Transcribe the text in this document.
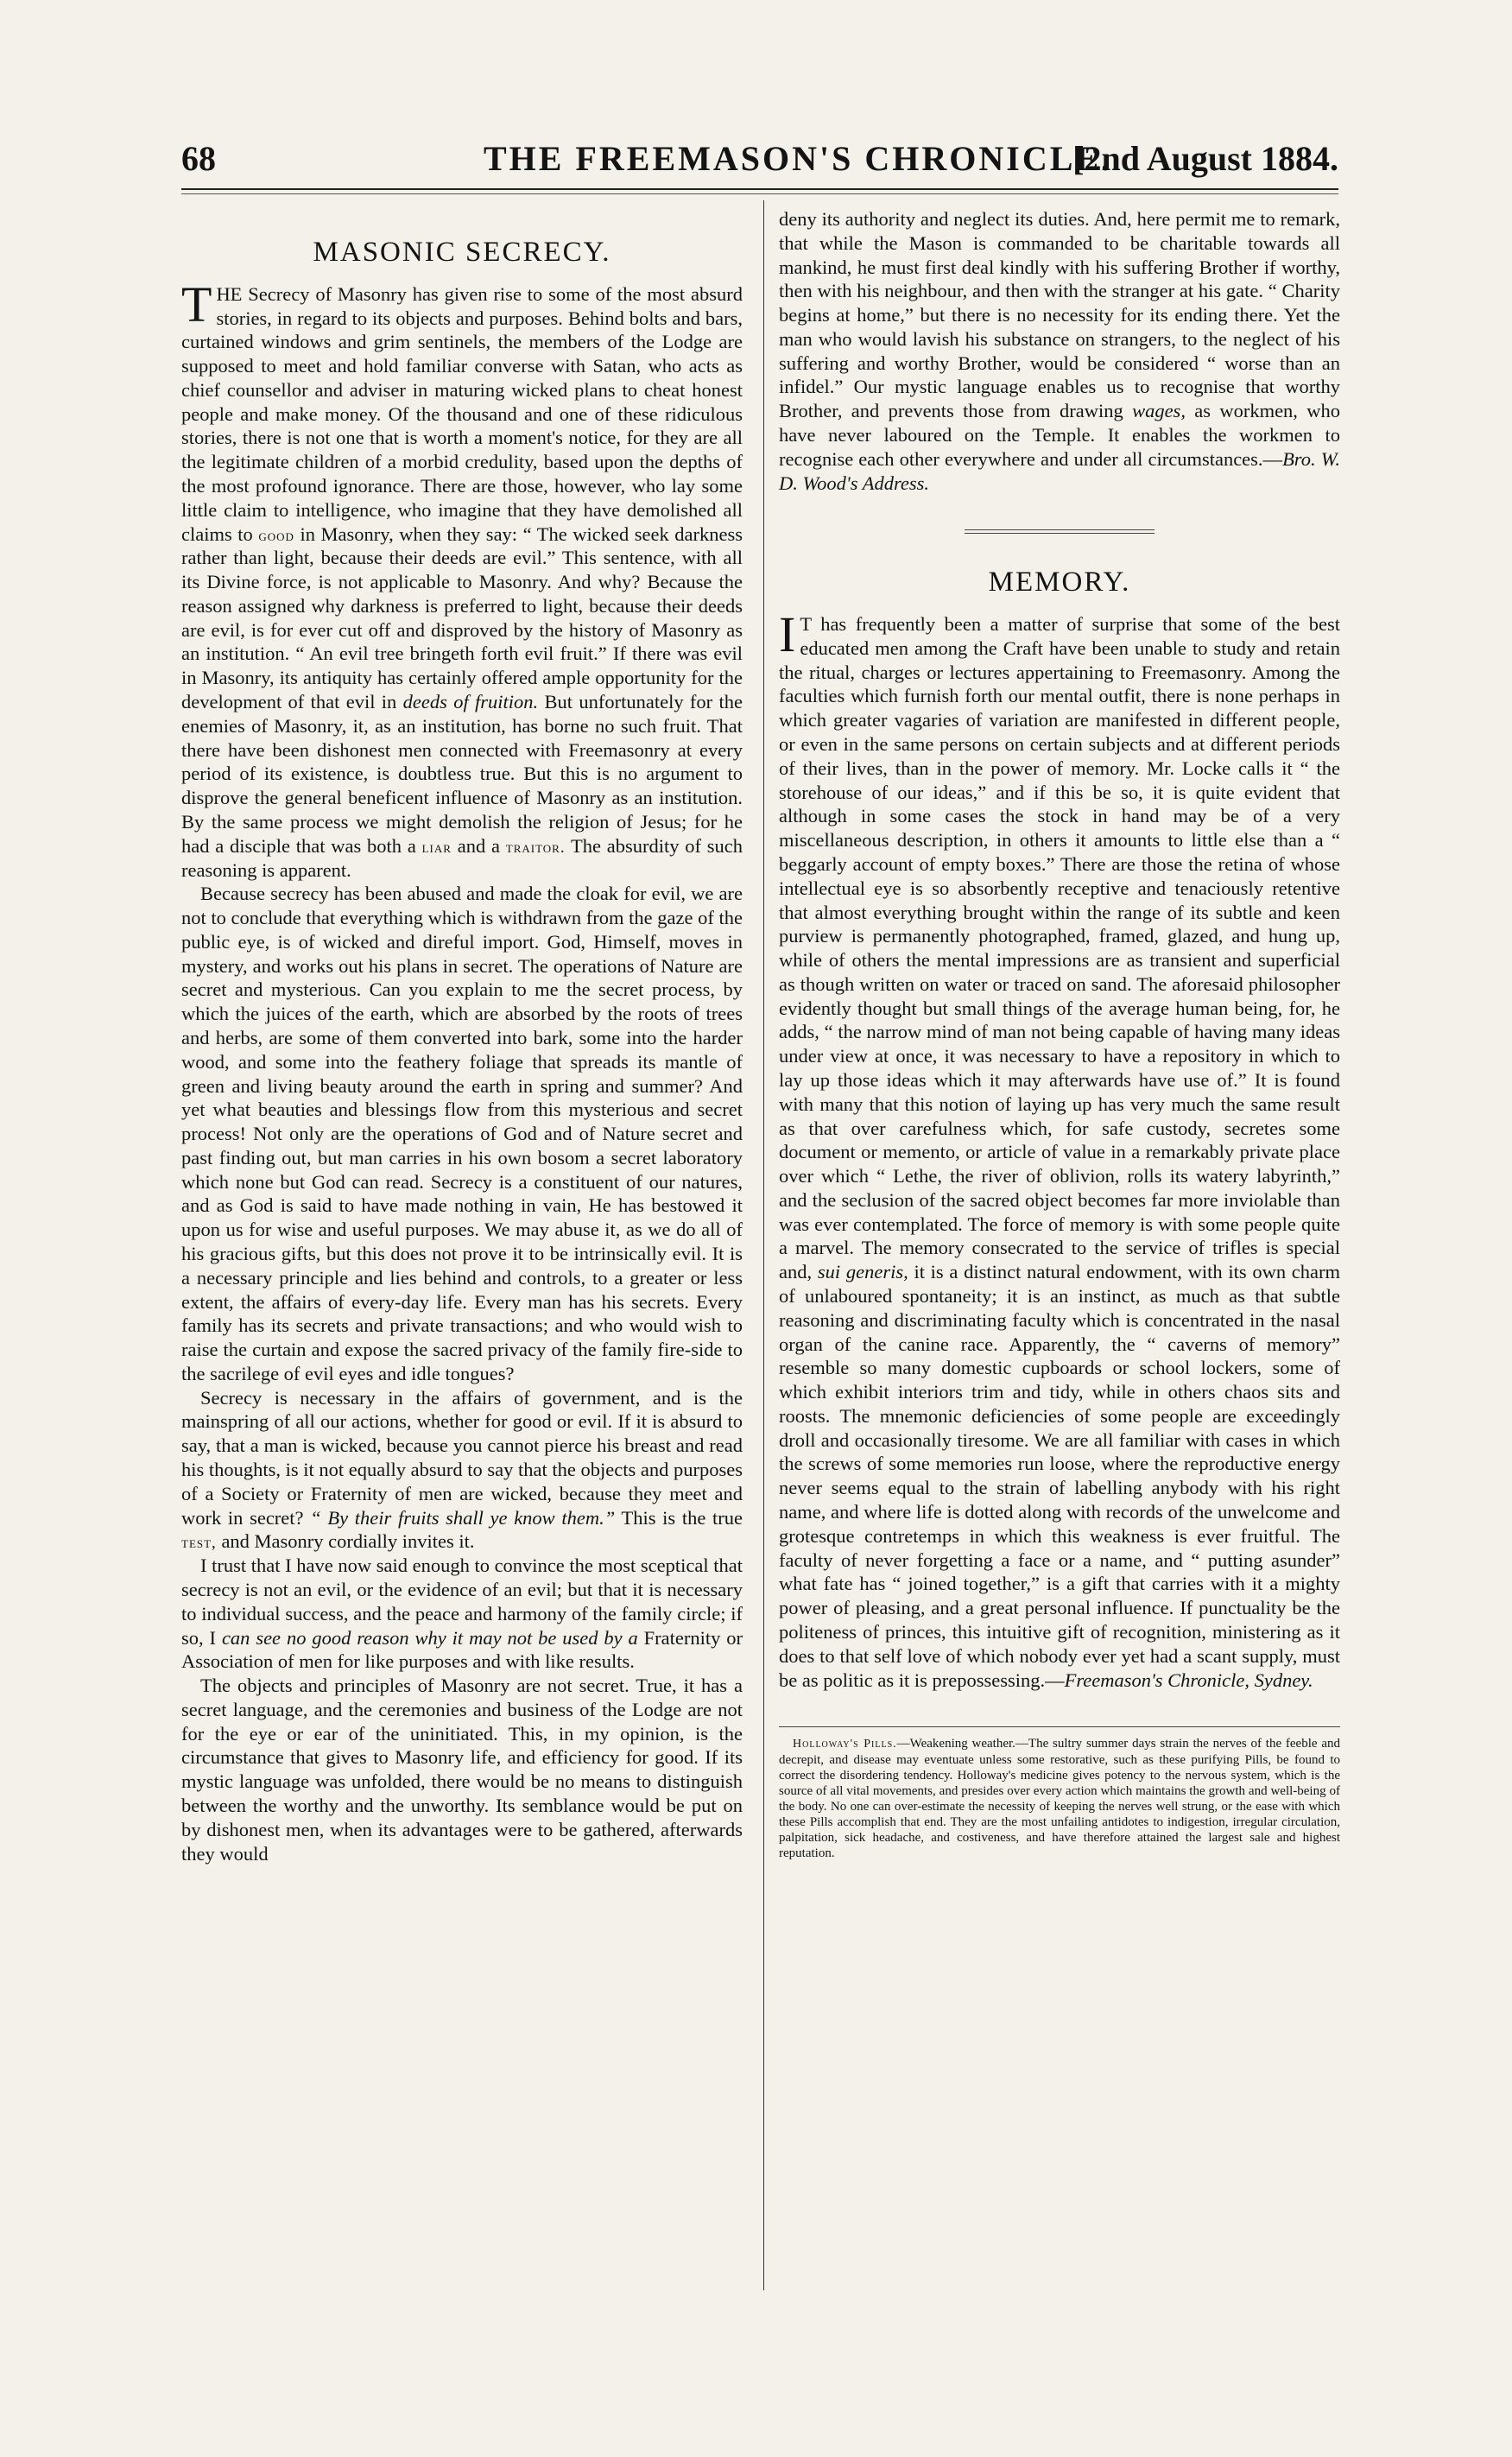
68	THE FREEMASON'S CHRONICLE.
[2nd August 1884.
MASONIC SECRECY.

THE Secrecy of Masonry has given rise to some of the most absurd stories, in regard to its objects and purposes. Behind bolts and bars, curtained windows and grim sentinels, the members of the Lodge are supposed to meet and hold familiar converse with Satan, who acts as chief counsellor and adviser in maturing wicked plans to cheat honest people and make money. Of the thousand and one of these ridiculous stories, there is not one that is worth a moment's notice, for they are all the legitimate children of a morbid credulity, based upon the depths of the most profound ignorance. There are those, however, who lay some little claim to intelligence, who imagine that they have demolished all claims to good in Masonry, when they say: “ The wicked seek darkness rather than light, because their deeds are evil.” This sentence, with all its Divine force, is not applicable to Masonry. And why? Because the reason assigned why darkness is preferred to light, because their deeds are evil, is for ever cut off and disproved by the history of Masonry as an institution. “ An evil tree bringeth forth evil fruit.” If there was evil in Masonry, its antiquity has certainly offered ample opportunity for the development of that evil in deeds of fruition. But unfortunately for the enemies of Masonry, it, as an institution, has borne no such fruit. That there have been dishonest men connected with Freemasonry at every period of its existence, is doubtless true. But this is no argument to disprove the general beneficent influence of Masonry as an institution. By the same process we might demolish the religion of Jesus; for he had a disciple that was both a liar and a traitor. The absurdity of such reasoning is apparent.

Because secrecy has been abused and made the cloak for evil, we are not to conclude that everything which is withdrawn from the gaze of the public eye, is of wicked and direful import. God, Himself, moves in mystery, and works out his plans in secret. The operations of Nature are secret and mysterious. Can you explain to me the secret process, by which the juices of the earth, which are absorbed by the roots of trees and herbs, are some of them converted into bark, some into the harder wood, and some into the feathery foliage that spreads its mantle of green and living beauty around the earth in spring and summer? And yet what beauties and blessings flow from this mysterious and secret process! Not only are the operations of God and of Nature secret and past finding out, but man carries in his own bosom a secret laboratory which none but God can read. Secrecy is a constituent of our natures, and as God is said to have made nothing in vain, He has bestowed it upon us for wise and useful purposes. We may abuse it, as we do all of his gracious gifts, but this does not prove it to be intrinsically evil. It is a necessary principle and lies behind and controls, to a greater or less extent, the affairs of every-day life. Every man has his secrets. Every family has its secrets and private transactions; and who would wish to raise the curtain and expose the sacred privacy of the family fire-side to the sacrilege of evil eyes and idle tongues?

Secrecy is necessary in the affairs of government, and is the mainspring of all our actions, whether for good or evil. If it is absurd to say, that a man is wicked, because you cannot pierce his breast and read his thoughts, is it not equally absurd to say that the objects and purposes of a Society or Fraternity of men are wicked, because they meet and work in secret? “ By their fruits shall ye know them.” This is the true test, and Masonry cordially invites it.

I trust that I have now said enough to convince the most sceptical that secrecy is not an evil, or the evidence of an evil; but that it is necessary to individual success, and the peace and harmony of the family circle; if so, I can see no good reason why it may not be used by a Fraternity or Association of men for like purposes and with like results.

The objects and principles of Masonry are not secret. True, it has a secret language, and the ceremonies and business of the Lodge are not for the eye or ear of the uninitiated. This, in my opinion, is the circumstance that gives to Masonry life, and efficiency for good. If its mystic language was unfolded, there would be no means to distinguish between the worthy and the unworthy. Its semblance would be put on by dishonest men, when its advantages were to be gathered, afterwards they would

deny its authority and neglect its duties. And, here permit me to remark, that while the Mason is commanded to be charitable towards all mankind, he must first deal kindly with his suffering Brother if worthy, then with his neighbour, and then with the stranger at his gate. “ Charity begins at home,” but there is no necessity for its ending there. Yet the man who would lavish his substance on strangers, to the neglect of his suffering and worthy Brother, would be considered “ worse than an infidel.” Our mystic language enables us to recognise that worthy Brother, and prevents those from drawing wages, as workmen, who have never laboured on the Temple. It enables the workmen to recognise each other everywhere and under all circumstances.—Bro. W. D. Wood's Address.

MEMORY.

I T has frequently been a matter of surprise that some of the best educated men among the Craft have been unable to study and retain the ritual, charges or lectures appertaining to Freemasonry. Among the faculties which furnish forth our mental outfit, there is none perhaps in which greater vagaries of variation are manifested in different people, or even in the same persons on certain subjects and at different periods of their lives, than in the power of memory. Mr. Locke calls it “ the storehouse of our ideas,” and if this be so, it is quite evident that although in some cases the stock in hand may be of a very miscellaneous description, in others it amounts to little else than a “ beggarly account of empty boxes.” There are those the retina of whose intellectual eye is so absorbently receptive and tenaciously retentive that almost everything brought within the range of its subtle and keen purview is permanently photographed, framed, glazed, and hung up, while of others the mental impressions are as transient and superficial as though written on water or traced on sand. The aforesaid philosopher evidently thought but small things of the average human being, for, he adds, “ the narrow mind of man not being capable of having many ideas under view at once, it was necessary to have a repository in which to lay up those ideas which it may afterwards have use of.” It is found with many that this notion of laying up has very much the same result as that over carefulness which, for safe custody, secretes some document or memento, or article of value in a remarkably private place over which “ Lethe, the river of oblivion, rolls its watery labyrinth,” and the seclusion of the sacred object becomes far more inviolable than was ever contemplated. The force of memory is with some people quite a marvel. The memory consecrated to the service of trifles is special and, sui generis, it is a distinct natural endowment, with its own charm of unlaboured spontaneity; it is an instinct, as much as that subtle reasoning and discriminating faculty which is concentrated in the nasal organ of the canine race. Apparently, the “ caverns of memory” resemble so many domestic cupboards or school lockers, some of which exhibit interiors trim and tidy, while in others chaos sits and roosts. The mnemonic deficiencies of some people are exceedingly droll and occasionally tiresome. We are all familiar with cases in which the screws of some memories run loose, where the reproductive energy never seems equal to the strain of labelling anybody with his right name, and where life is dotted along with records of the unwelcome and grotesque contretemps in which this weakness is ever fruitful. The faculty of never forgetting a face or a name, and “ putting asunder” what fate has “ joined together,” is a gift that carries with it a mighty power of pleasing, and a great personal influence. If punctuality be the politeness of princes, this intuitive gift of recognition, ministering as it does to that self love of which nobody ever yet had a scant supply, must be as politic as it is prepossessing.—Freemason's Chronicle, Sydney.

Holloway's Pills.—Weakening weather.—The sultry summer days strain the nerves of the feeble and decrepit, and disease may eventuate unless some restorative, such as these purifying Pills, be found to correct the disordering tendency. Holloway's medicine gives potency to the nervous system, which is the source of all vital movements, and presides over every action which maintains the growth and well-being of the body. No one can over-estimate the necessity of keeping the nerves well strung, or the ease with which these Pills accomplish that end. They are the most unfailing antidotes to indigestion, irregular circulation, palpitation, sick headache, and costiveness, and have therefore attained the largest sale and highest reputation.
